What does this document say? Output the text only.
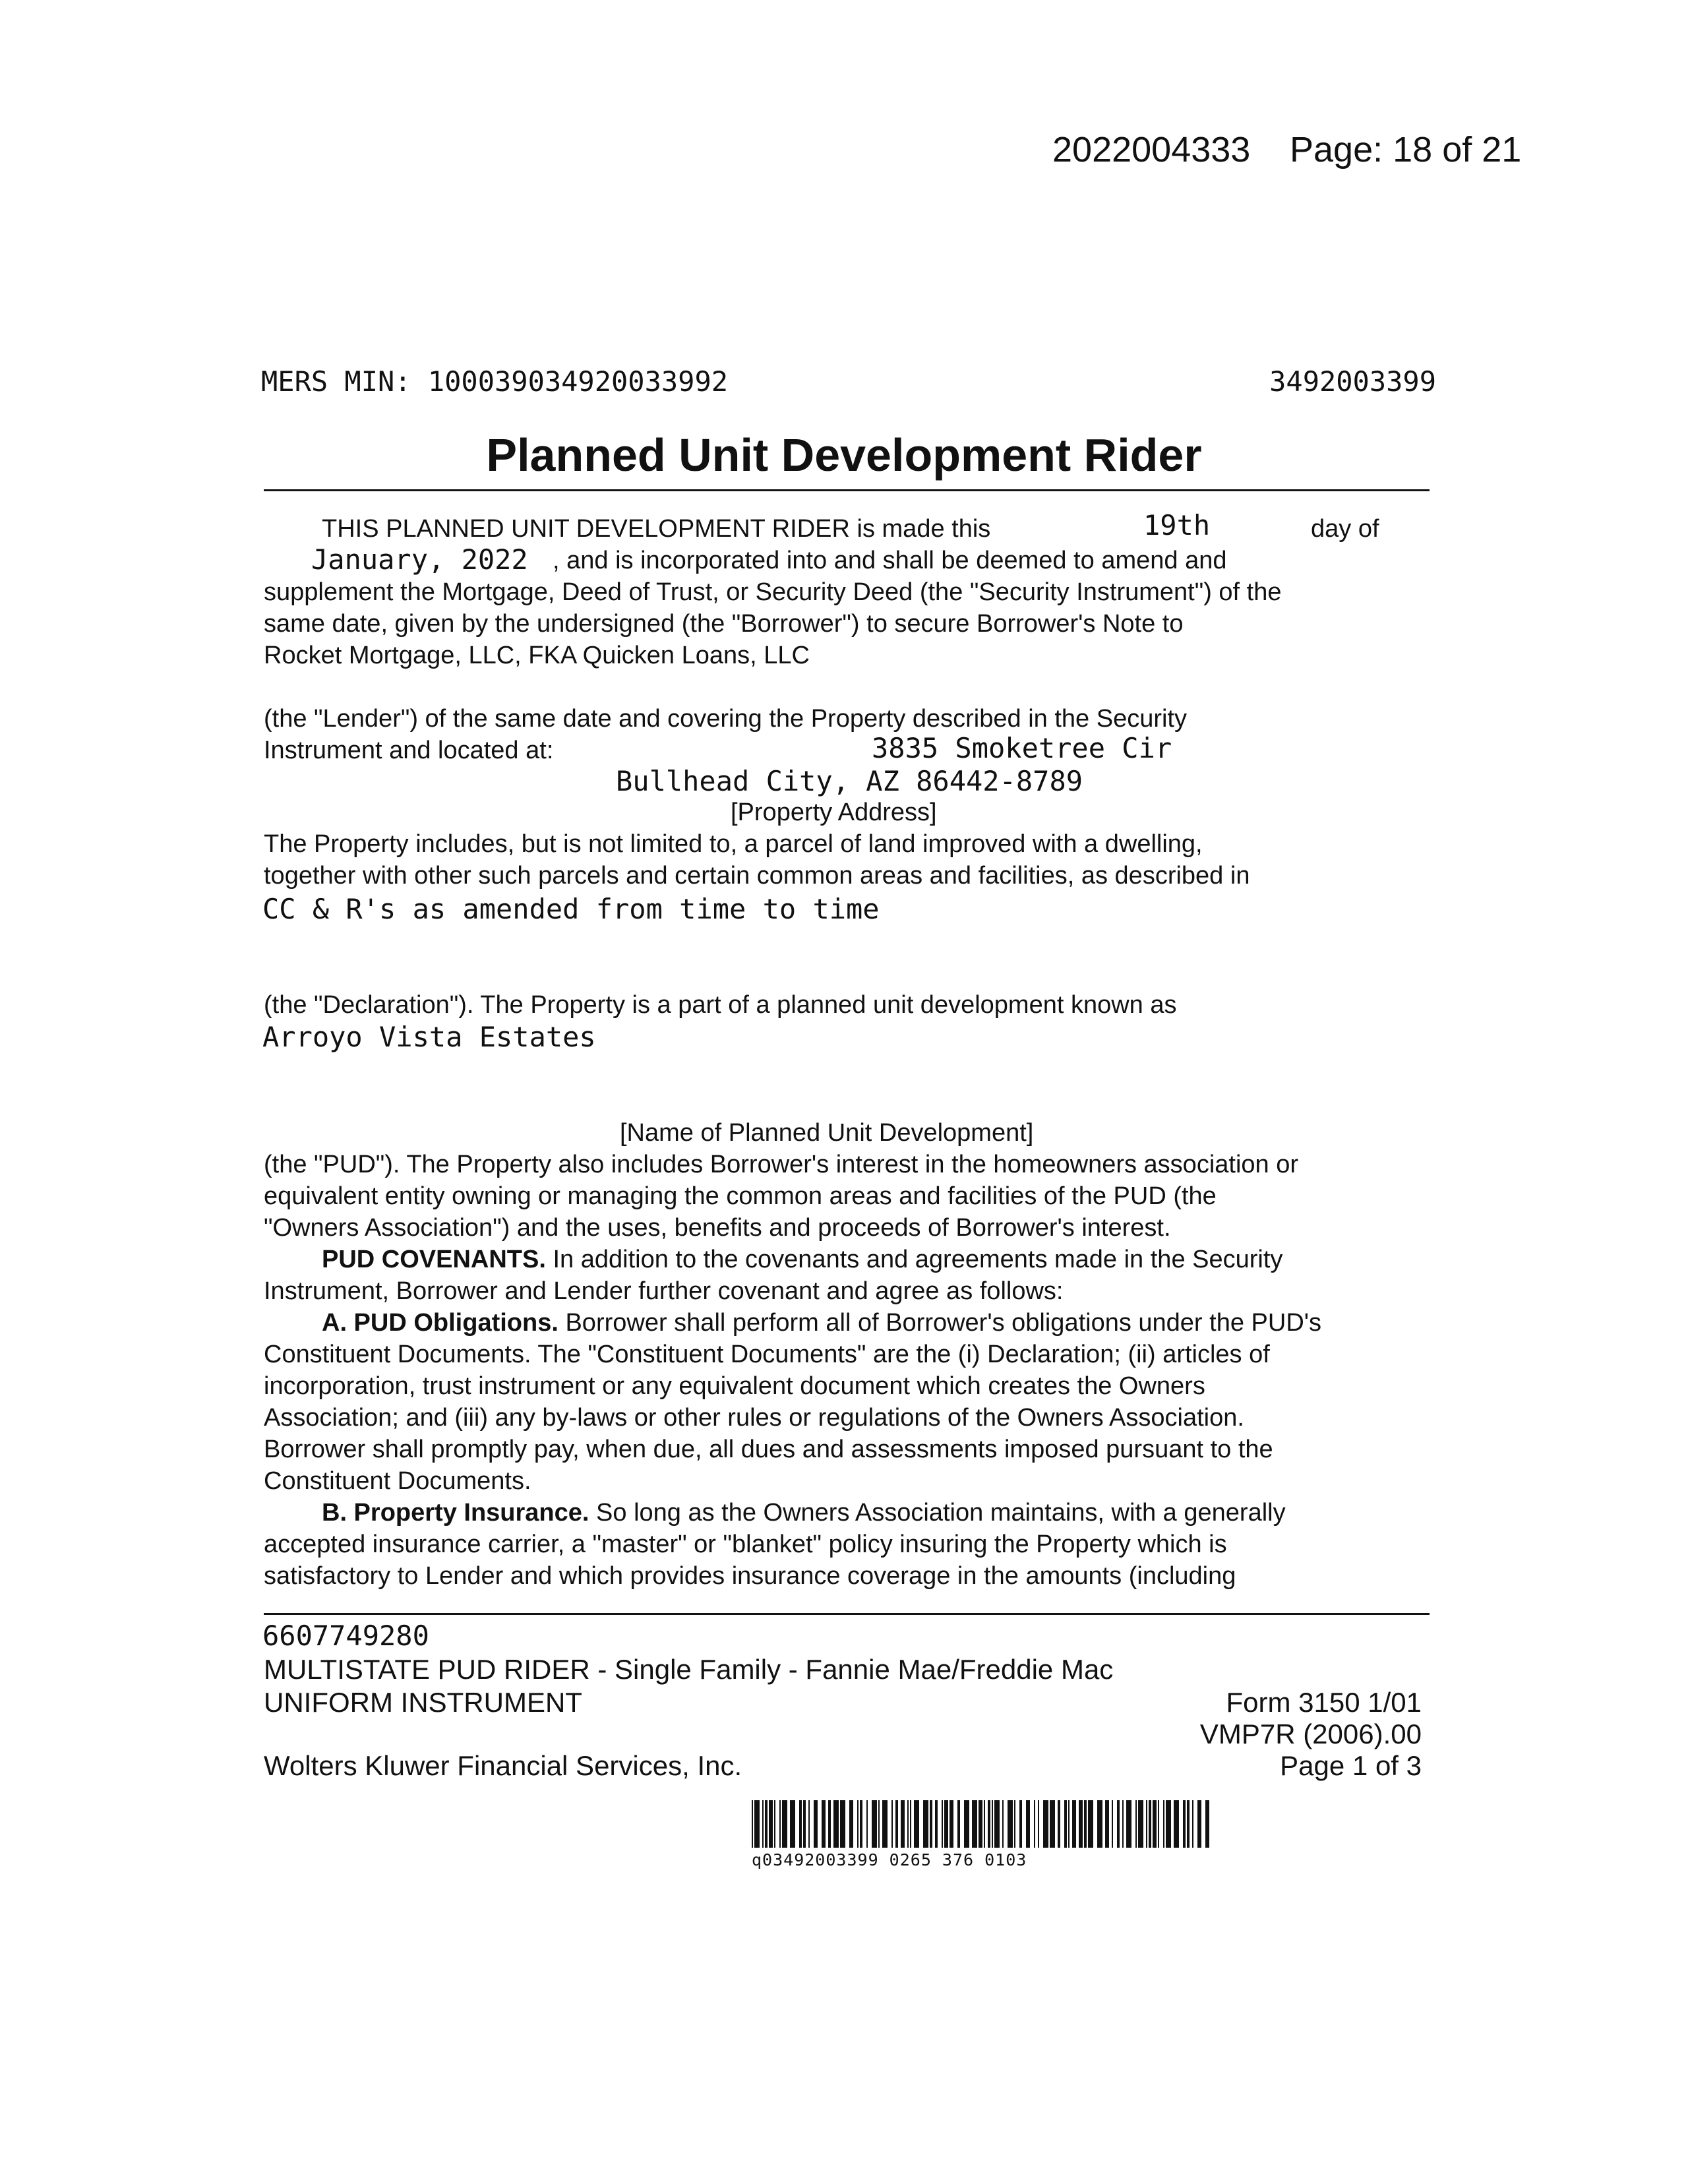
2022004333 Page: 18 of 21
MERS MIN: 100039034920033992	3492003399
Planned Unit Development Rider
THIS PLANNED UNIT DEVELOPMENT RIDER is made this	19th	day of
January, 2022 , and is incorporated into and shall be deemed to amend and
supplement the Mortgage, Deed of Trust, or Security Deed (the "Security Instrument") of the
same date, given by the undersigned (the "Borrower") to secure Borrower's Note to
Rocket Mortgage, LLC, FKA Quicken Loans, LLC
(the "Lender") of the same date and covering the Property described in the Security
Instrument and located at:	3835 Smoketree Cir
Bullhead City, AZ 86442-8789
[Property Address]
The Property includes, but is not limited to, a parcel of land improved with a dwelling,
together with other such parcels and certain common areas and facilities, as described in
CC & R's as amended from time to time
(the "Declaration"). The Property is a part of a planned unit development known as
Arroyo Vista Estates
[Name of Planned Unit Development]
(the "PUD"). The Property also includes Borrower's interest in the homeowners association or
equivalent entity owning or managing the common areas and facilities of the PUD (the
"Owners Association") and the uses, benefits and proceeds of Borrower's interest.
PUD COVENANTS. In addition to the covenants and agreements made in the Security
Instrument, Borrower and Lender further covenant and agree as follows:
A. PUD Obligations. Borrower shall perform all of Borrower's obligations under the PUD's
Constituent Documents. The "Constituent Documents" are the (i) Declaration; (ii) articles of
incorporation, trust instrument or any equivalent document which creates the Owners
Association; and (iii) any by-laws or other rules or regulations of the Owners Association.
Borrower shall promptly pay, when due, all dues and assessments imposed pursuant to the
Constituent Documents.
B. Property Insurance. So long as the Owners Association maintains, with a generally
accepted insurance carrier, a "master" or "blanket" policy insuring the Property which is
satisfactory to Lender and which provides insurance coverage in the amounts (including
6607749280
MULTISTATE PUD RIDER - Single Family - Fannie Mae/Freddie Mac
UNIFORM INSTRUMENT	Form 3150 1/01
VMP7R (2006).00
Wolters Kluwer Financial Services, Inc.	Page 1 of 3
q03492003399 0265 376 0103
